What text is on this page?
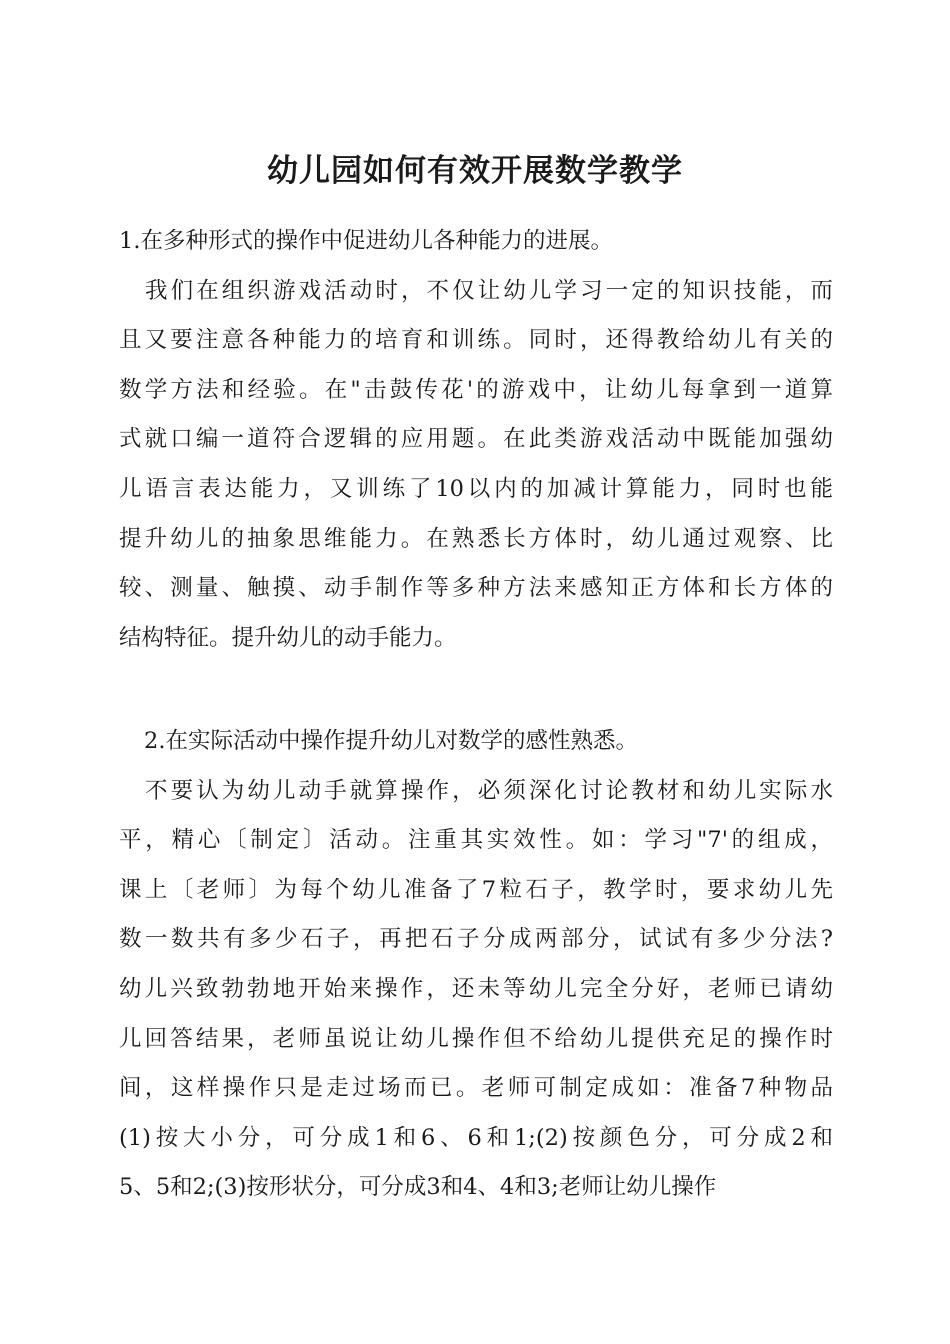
幼儿园如何有效开展数学教学

1.在多种形式的操作中促进幼儿各种能力的进展。

我们在组织游戏活动时，不仅让幼儿学习一定的知识技能，而
且又要注意各种能力的培育和训练。同时，还得教给幼儿有关的
数学方法和经验。在"击鼓传花'的游戏中，让幼儿每拿到一道算
式就口编一道符合逻辑的应用题。在此类游戏活动中既能加强幼
儿语言表达能力，又训练了10以内的加减计算能力，同时也能
提升幼儿的抽象思维能力。在熟悉长方体时，幼儿通过观察、比
较、测量、触摸、动手制作等多种方法来感知正方体和长方体的
结构特征。提升幼儿的动手能力。

2.在实际活动中操作提升幼儿对数学的感性熟悉。

不要认为幼儿动手就算操作，必须深化讨论教材和幼儿实际水
平，精心〔制定〕活动。注重其实效性。如：学习"7'的组成，
课上〔老师〕为每个幼儿准备了7粒石子，教学时，要求幼儿先
数一数共有多少石子，再把石子分成两部分，试试有多少分法?
幼儿兴致勃勃地开始来操作，还未等幼儿完全分好，老师已请幼
儿回答结果，老师虽说让幼儿操作但不给幼儿提供充足的操作时
间，这样操作只是走过场而已。老师可制定成如：准备7种物品
(1)按大小分，可分成1和6、6和1;(2)按颜色分，可分成2和
5、5和2;(3)按形状分，可分成3和4、4和3;老师让幼儿操作
